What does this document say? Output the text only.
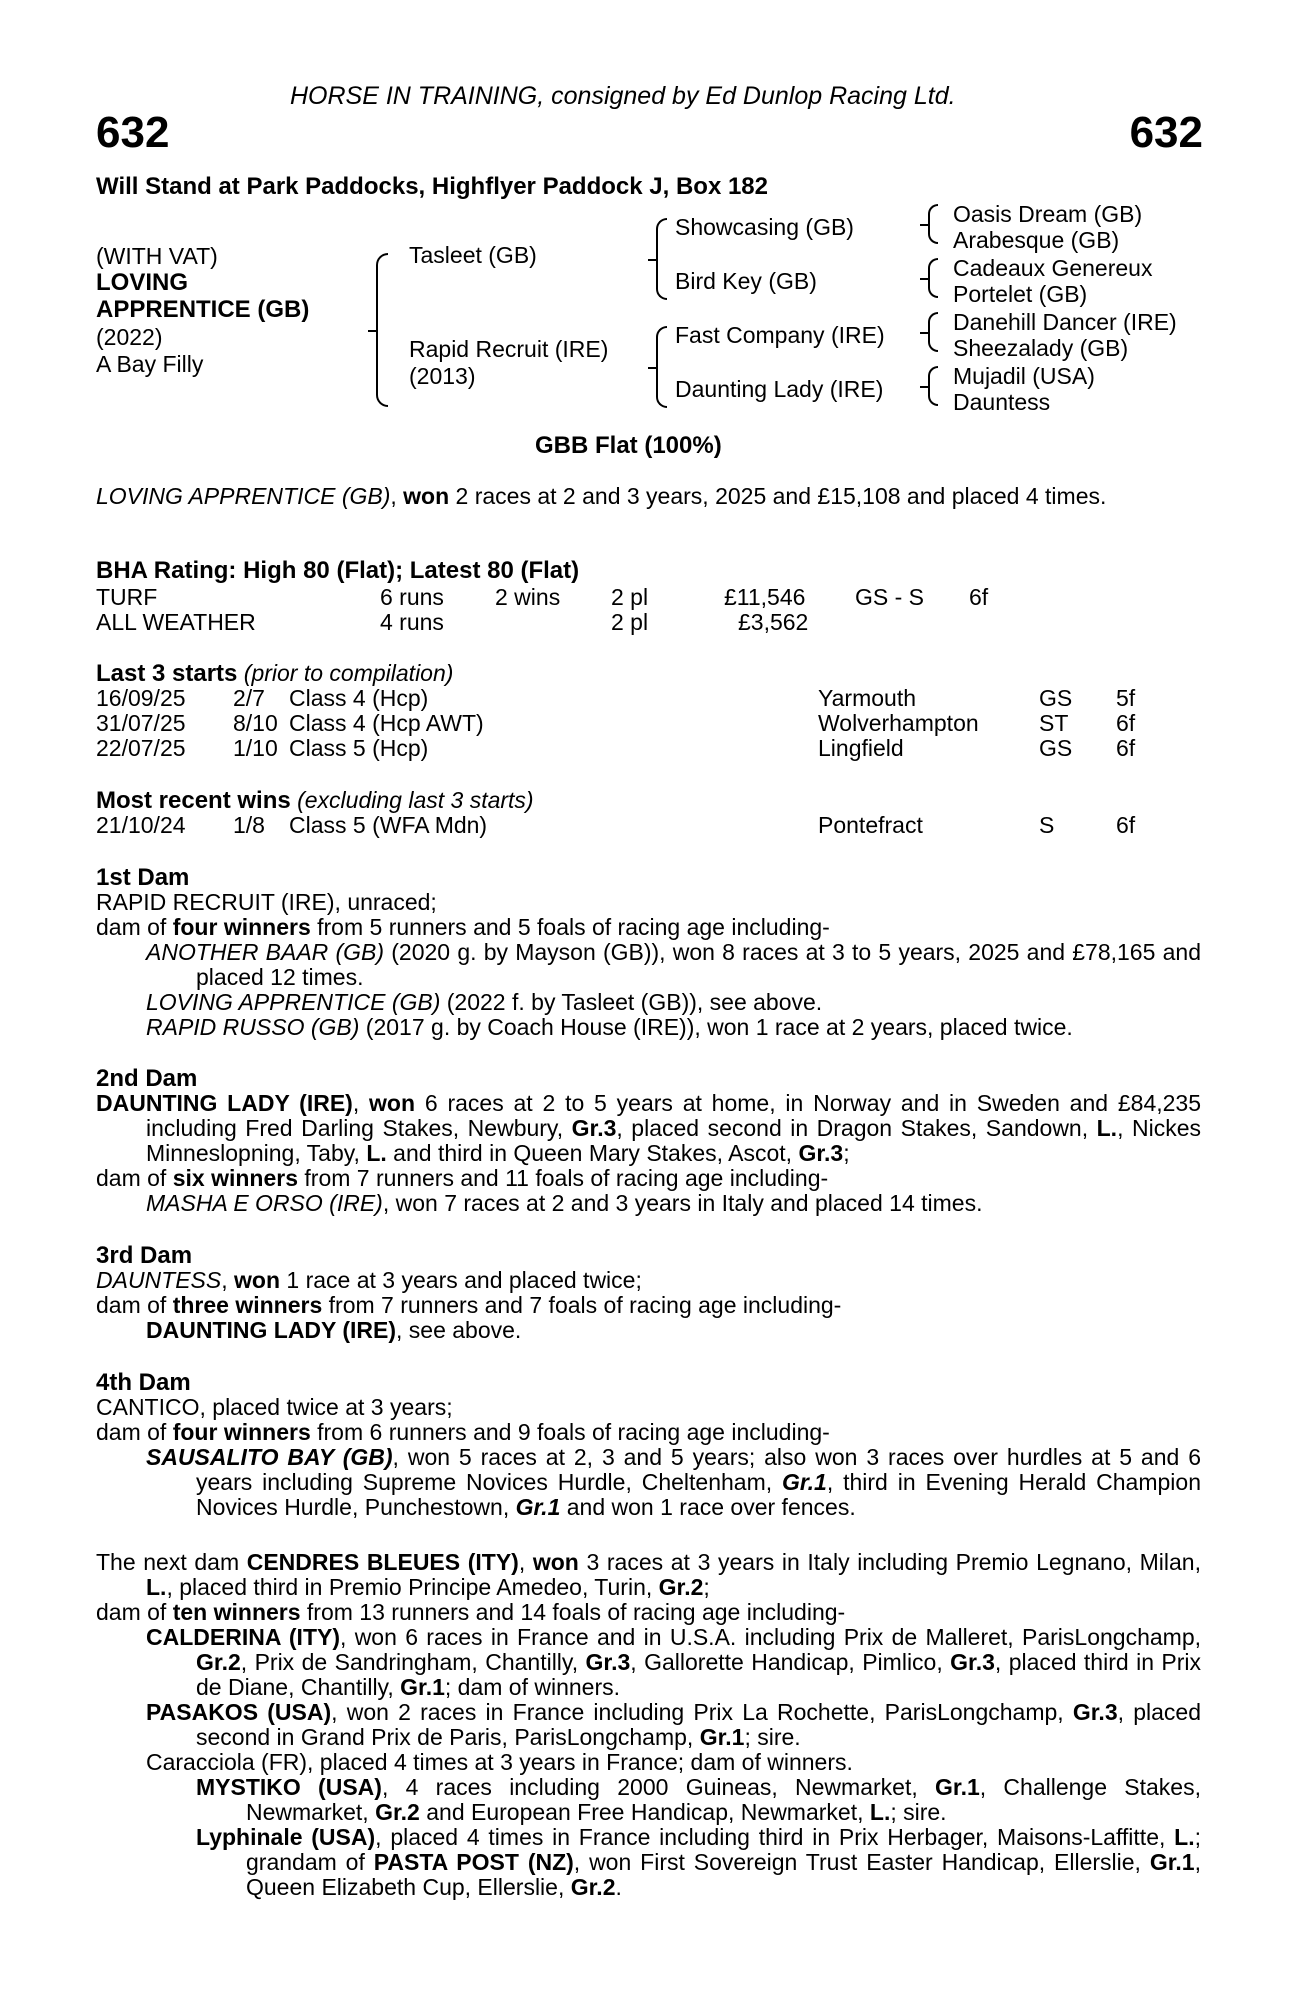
HORSE IN TRAINING, consigned by Ed Dunlop Racing Ltd.
632	632
Will Stand at Park Paddocks, Highflyer Paddock J, Box 182
(WITH VAT)
LOVING
APPRENTICE (GB)
(2022)
A Bay Filly
Tasleet (GB)
Rapid Recruit (IRE)
(2013)
Showcasing (GB)
Bird Key (GB)
Fast Company (IRE)
Daunting Lady (IRE)
Oasis Dream (GB)
Arabesque (GB)
Cadeaux Genereux
Portelet (GB)
Danehill Dancer (IRE)
Sheezalady (GB)
Mujadil (USA)
Dauntess
GBB Flat (100%)
LOVING APPRENTICE (GB), won 2 races at 2 and 3 years, 2025 and £15,108 and placed 4 times.
BHA Rating: High 80 (Flat); Latest 80 (Flat)
TURF	6 runs 2 wins 2 pl	£11,546 GS - S 6f
ALL WEATHER	4 runs	2 pl	£3,562
Last 3 starts (prior to compilation)
16/09/25 2/7 Class 4 (Hcp)	Yarmouth	GS 5f
31/07/25 8/10 Class 4 (Hcp AWT)	Wolverhampton	ST 6f
22/07/25 1/10 Class 5 (Hcp)	Lingfield	GS 6f
Most recent wins (excluding last 3 starts)
21/10/24 1/8 Class 5 (WFA Mdn)	Pontefract	S	6f

1st Dam

RAPID RECRUIT (IRE), unraced;

dam of four winners from 5 runners and 5 foals of racing age including-

ANOTHER BAAR (GB) (2020 g. by Mayson (GB)), won 8 races at 3 to 5 years, 2025 and £78,165 and placed 12 times.

LOVING APPRENTICE (GB) (2022 f. by Tasleet (GB)), see above.

RAPID RUSSO (GB) (2017 g. by Coach House (IRE)), won 1 race at 2 years, placed twice.

2nd Dam

DAUNTING LADY (IRE), won 6 races at 2 to 5 years at home, in Norway and in Sweden and £84,235 including Fred Darling Stakes, Newbury, Gr.3, placed second in Dragon Stakes, Sandown, L., Nickes Minneslopning, Taby, L. and third in Queen Mary Stakes, Ascot, Gr.3;

dam of six winners from 7 runners and 11 foals of racing age including-

MASHA E ORSO (IRE), won 7 races at 2 and 3 years in Italy and placed 14 times.

3rd Dam

DAUNTESS, won 1 race at 3 years and placed twice;

dam of three winners from 7 runners and 7 foals of racing age including-

DAUNTING LADY (IRE), see above.

4th Dam

CANTICO, placed twice at 3 years;

dam of four winners from 6 runners and 9 foals of racing age including-

SAUSALITO BAY (GB), won 5 races at 2, 3 and 5 years; also won 3 races over hurdles at 5 and 6 years including Supreme Novices Hurdle, Cheltenham, Gr.1, third in Evening Herald Champion Novices Hurdle, Punchestown, Gr.1 and won 1 race over fences.

The next dam CENDRES BLEUES (ITY), won 3 races at 3 years in Italy including Premio Legnano, Milan, L., placed third in Premio Principe Amedeo, Turin, Gr.2;

dam of ten winners from 13 runners and 14 foals of racing age including-

CALDERINA (ITY), won 6 races in France and in U.S.A. including Prix de Malleret, ParisLongchamp, Gr.2, Prix de Sandringham, Chantilly, Gr.3, Gallorette Handicap, Pimlico, Gr.3, placed third in Prix de Diane, Chantilly, Gr.1; dam of winners.

PASAKOS (USA), won 2 races in France including Prix La Rochette, ParisLongchamp, Gr.3, placed second in Grand Prix de Paris, ParisLongchamp, Gr.1; sire.

Caracciola (FR), placed 4 times at 3 years in France; dam of winners.

MYSTIKO (USA), 4 races including 2000 Guineas, Newmarket, Gr.1, Challenge Stakes, Newmarket, Gr.2 and European Free Handicap, Newmarket, L.; sire.

Lyphinale (USA), placed 4 times in France including third in Prix Herbager, Maisons-Laffitte, L.; grandam of PASTA POST (NZ), won First Sovereign Trust Easter Handicap, Ellerslie, Gr.1, Queen Elizabeth Cup, Ellerslie, Gr.2.
